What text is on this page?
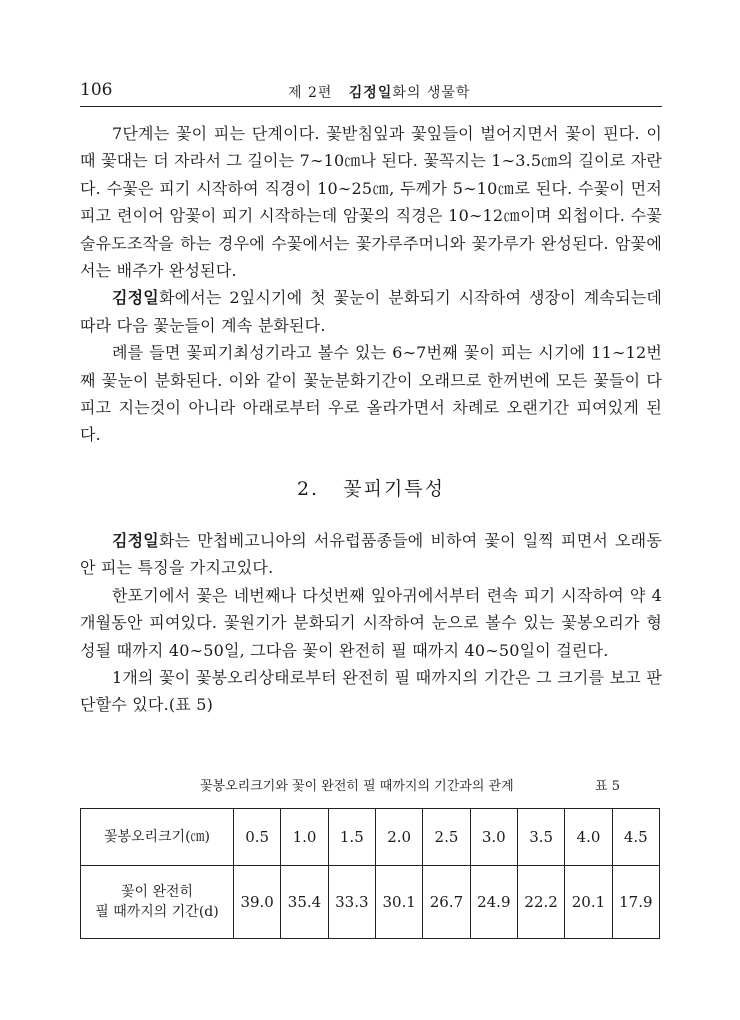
106	제 2편 김정일화의 생물학

7단계는 꽃이 피는 단계이다. 꽃받침잎과 꽃잎들이 벌어지면서 꽃이 핀다. 이때 꽃대는 더 자라서 그 길이는 7∼10㎝나 된다. 꽃꼭지는 1∼3.5㎝의 길이로 자란다. 수꽃은 피기 시작하여 직경이 10∼25㎝, 두께가 5∼10㎝로 된다. 수꽃이 먼저 피고 련이어 암꽃이 피기 시작하는데 암꽃의 직경은 10∼12㎝이며 외첩이다. 수꽃술유도조작을 하는 경우에 수꽃에서는 꽃가루주머니와 꽃가루가 완성된다. 암꽃에서는 배주가 완성된다.

김정일화에서는 2잎시기에 첫 꽃눈이 분화되기 시작하여 생장이 계속되는데 따라 다음 꽃눈들이 계속 분화된다.

례를 들면 꽃피기최성기라고 볼수 있는 6∼7번째 꽃이 피는 시기에 11∼12번째 꽃눈이 분화된다. 이와 같이 꽃눈분화기간이 오래므로 한꺼번에 모든 꽃들이 다 피고 지는것이 아니라 아래로부터 우로 올라가면서 차례로 오랜기간 피여있게 된다.

2. 꽃피기특성

김정일화는 만첩베고니아의 서유럽품종들에 비하여 꽃이 일찍 피면서 오래동안 피는 특징을 가지고있다.

한포기에서 꽃은 네번째나 다섯번째 잎아귀에서부터 련속 피기 시작하여 약 4개월동안 피여있다. 꽃원기가 분화되기 시작하여 눈으로 볼수 있는 꽃봉오리가 형성될 때까지 40∼50일, 그다음 꽃이 완전히 필 때까지 40∼50일이 걸린다.

1개의 꽃이 꽃봉오리상태로부터 완전히 필 때까지의 기간은 그 크기를 보고 판단할수 있다.(표 5)

꽃봉오리크기와 꽃이 완전히 필 때까지의 기간과의 관계	표 5
꽃봉오리크기(㎝)	0.5	1.0	1.5	2.0	2.5	3.0	3.5	4.0	4.5
꽃이 완전히
필 때까지의 기간(d)	39.0	35.4	33.3	30.1	26.7	24.9	22.2	20.1	17.9
